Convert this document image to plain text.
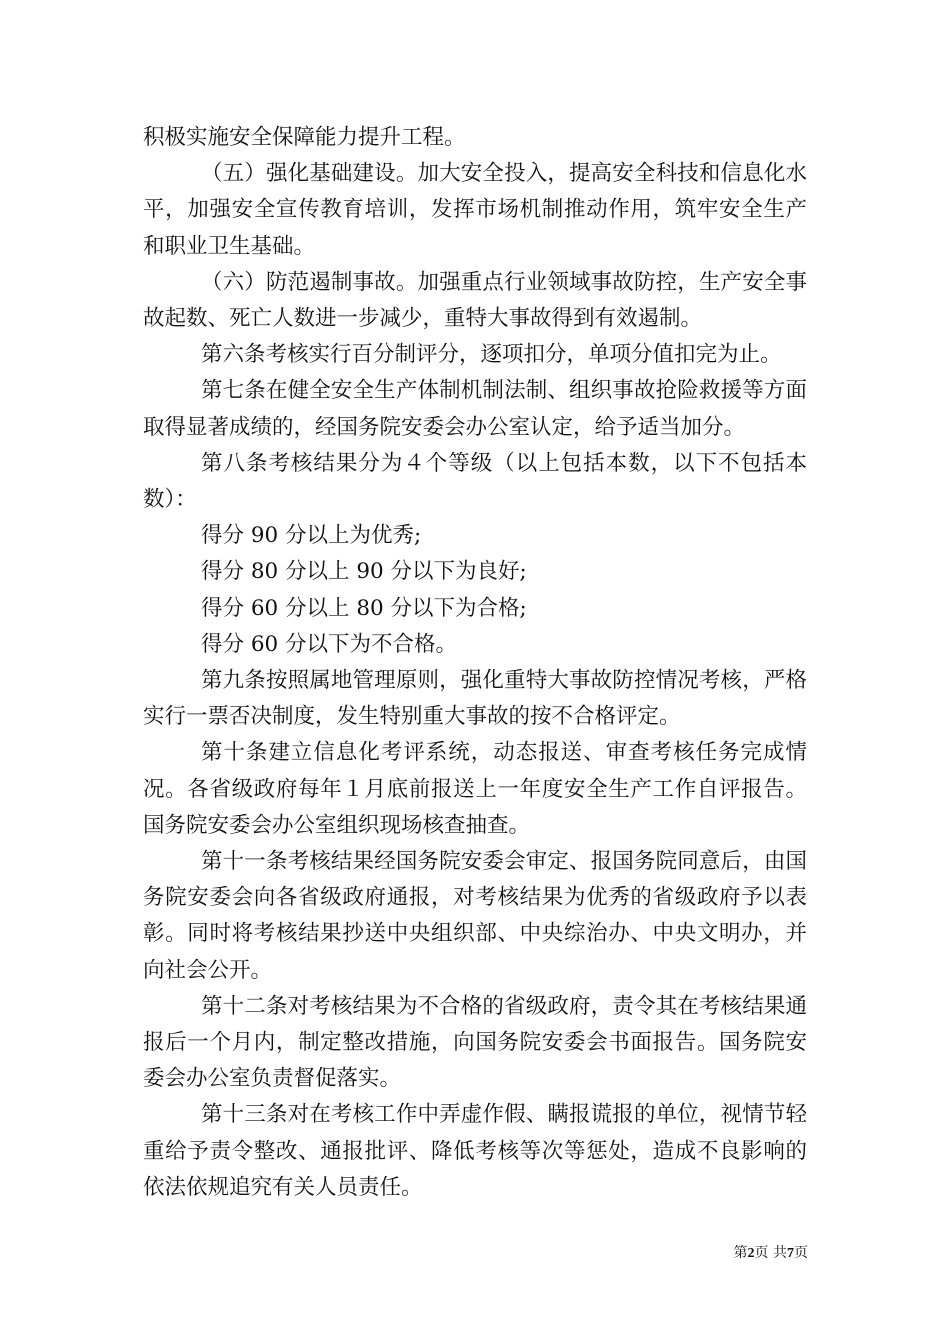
积极实施安全保障能力提升工程。

（五）强化基础建设。加大安全投入，提高安全科技和信息化水平，加强安全宣传教育培训，发挥市场机制推动作用，筑牢安全生产和职业卫生基础。

（六）防范遏制事故。加强重点行业领域事故防控，生产安全事故起数、死亡人数进一步减少，重特大事故得到有效遏制。

第六条考核实行百分制评分，逐项扣分，单项分值扣完为止。

第七条在健全安全生产体制机制法制、组织事故抢险救援等方面取得显著成绩的，经国务院安委会办公室认定，给予适当加分。

第八条考核结果分为４个等级（以上包括本数，以下不包括本数）：

得分 90 分以上为优秀;

得分 80 分以上 90 分以下为良好;

得分 60 分以上 80 分以下为合格;

得分 60 分以下为不合格。

第九条按照属地管理原则，强化重特大事故防控情况考核，严格实行一票否决制度，发生特别重大事故的按不合格评定。

第十条建立信息化考评系统，动态报送、审查考核任务完成情况。各省级政府每年１月底前报送上一年度安全生产工作自评报告。国务院安委会办公室组织现场核查抽查。

第十一条考核结果经国务院安委会审定、报国务院同意后，由国务院安委会向各省级政府通报，对考核结果为优秀的省级政府予以表彰。同时将考核结果抄送中央组织部、中央综治办、中央文明办，并向社会公开。

第十二条对考核结果为不合格的省级政府，责令其在考核结果通报后一个月内，制定整改措施，向国务院安委会书面报告。国务院安委会办公室负责督促落实。

第十三条对在考核工作中弄虚作假、瞒报谎报的单位，视情节轻重给予责令整改、通报批评、降低考核等次等惩处，造成不良影响的依法依规追究有关人员责任。

第2页 共7页
